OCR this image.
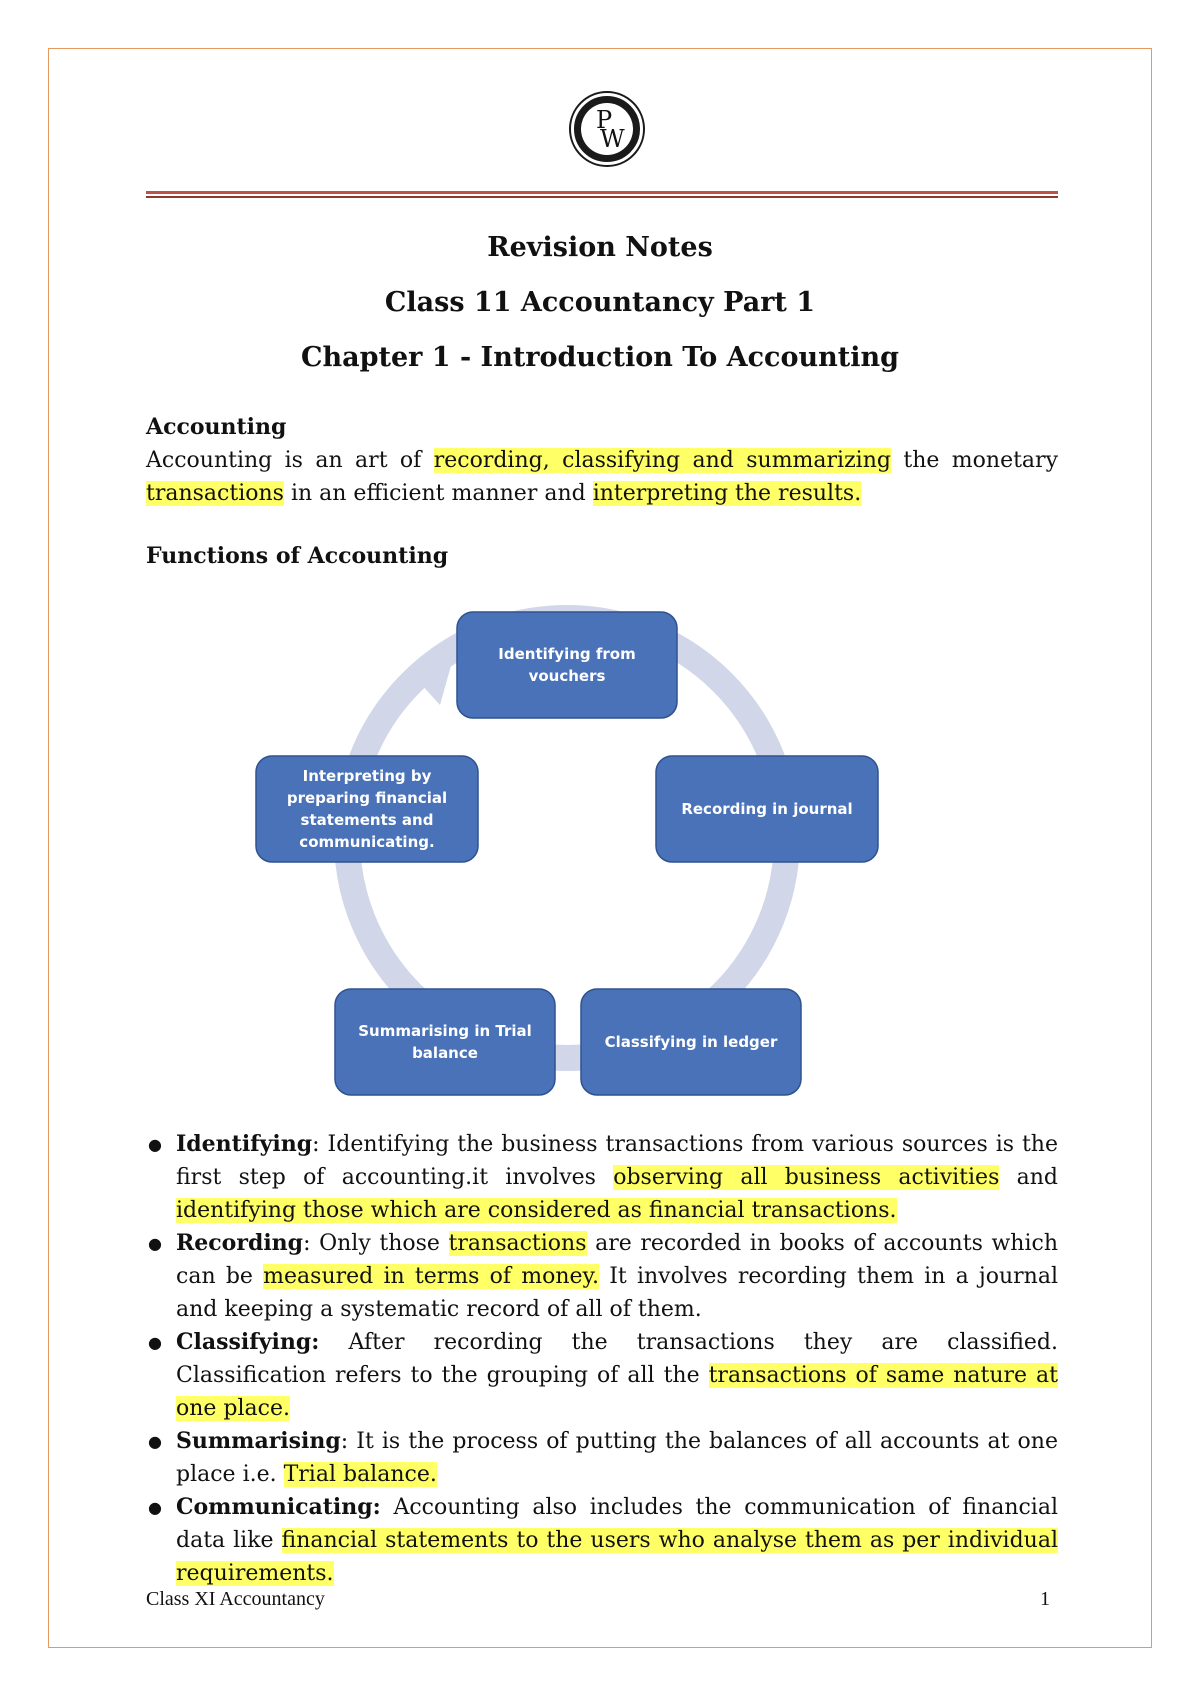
P
W
Revision Notes
Class 11 Accountancy Part 1
Chapter 1 - Introduction To Accounting
Accounting
Accounting is an art of recording, classifying and summarizing the monetary transactions in an efficient manner and interpreting the results.
Functions of Accounting
Identifying from
vouchers
Recording in journal
Classifying in ledger
Summarising in Trial
balance
Interpreting by
preparing financial
statements and
communicating.
● Identifying: Identifying the business transactions from various sources is the first step of accounting.it involves observing all business activities and identifying those which are considered as financial transactions.
● Recording: Only those transactions are recorded in books of accounts which can be measured in terms of money. It involves recording them in a journal and keeping a systematic record of all of them.
● Classifying: After recording the transactions they are classified. Classification refers to the grouping of all the transactions of same nature at one place.
● Summarising: It is the process of putting the balances of all accounts at one place i.e. Trial balance.
● Communicating: Accounting also includes the communication of financial data like financial statements to the users who analyse them as per individual requirements.
Class XI Accountancy	1
